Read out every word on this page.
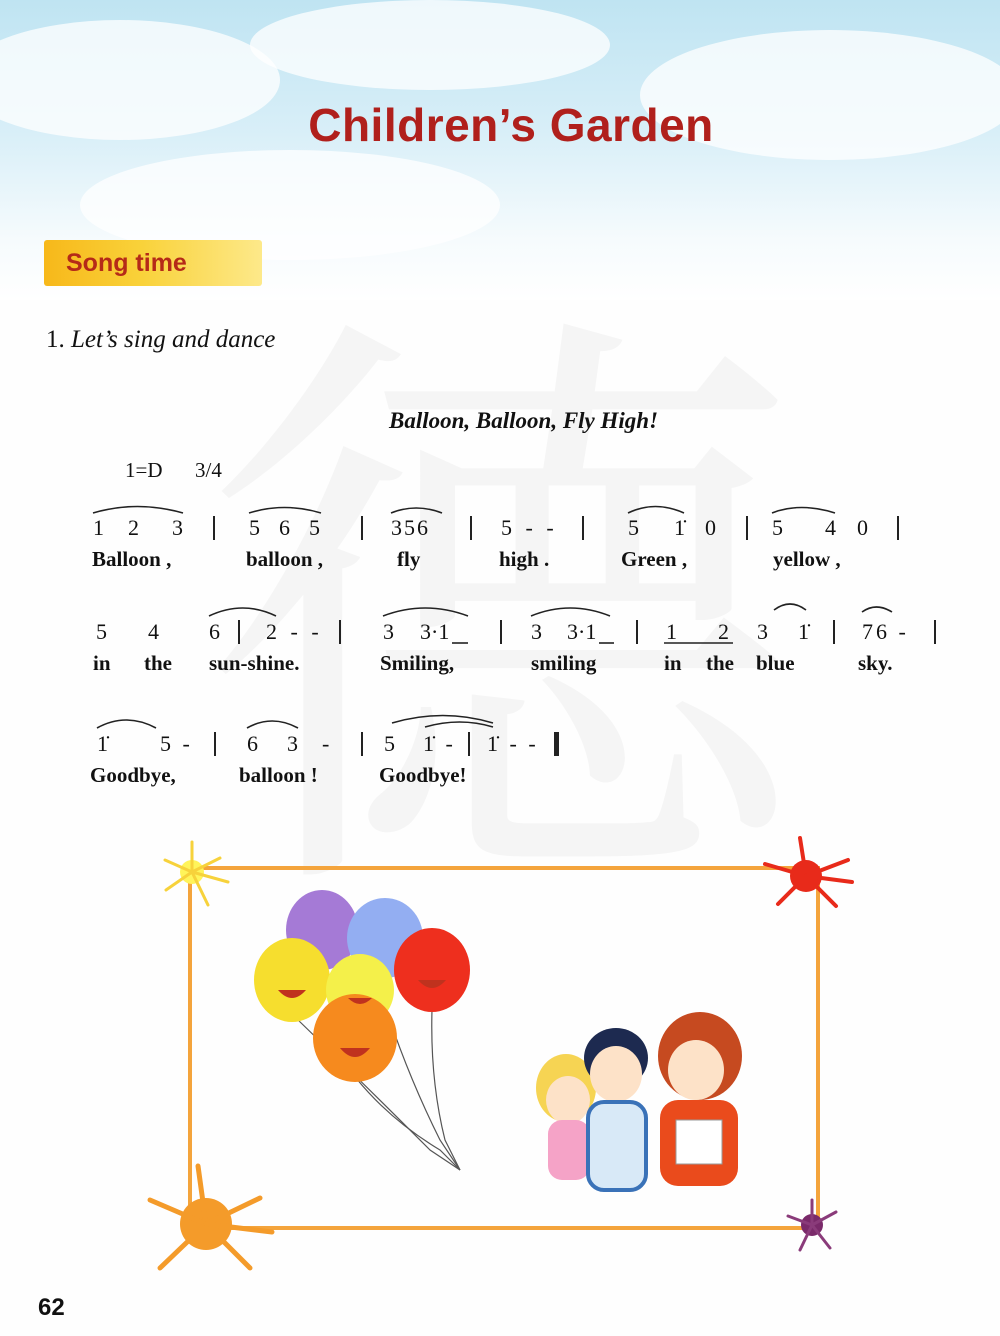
Children’s Garden
Song time
1. Let’s sing and dance
Balloon, Balloon, Fly High!
1=D 3/4
1 2 3	5 6 5	356	5 - -	5 1̇ 0	5 4 0
Balloon ,	balloon ,	fly	high .	Green ,	yellow ,
5 4 6 2 - -	3 3·1	3 3·1	1 2 3 1̇ 76 -
in the sun-shine.	Smiling,	smiling	in the blue	sky.
1̇ 5 - 6 3 - 5 1̇ - 1̇ - -
Goodbye,	balloon !	Goodbye!
62
